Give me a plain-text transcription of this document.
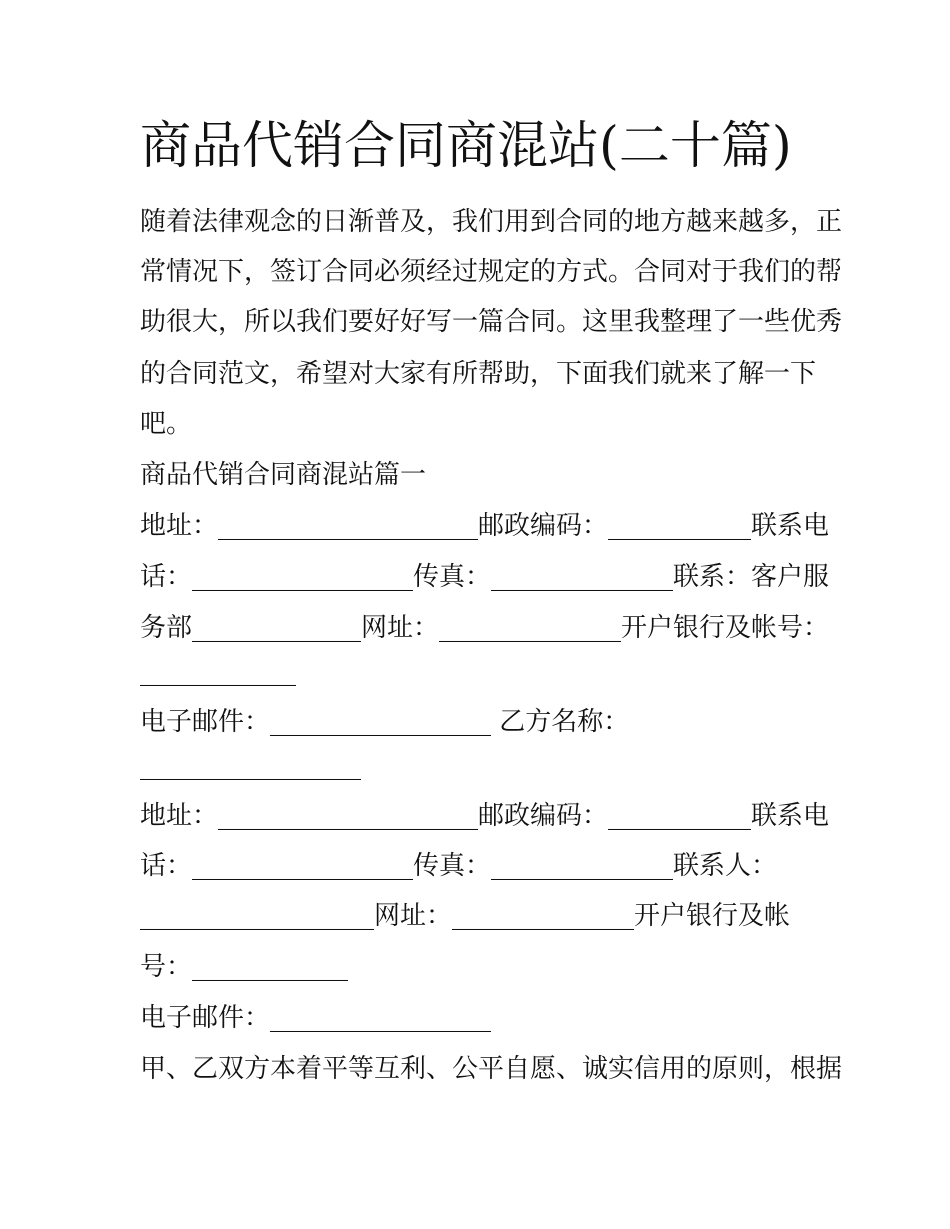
商品代销合同商混站(二十篇)

随着法律观念的日渐普及，我们用到合同的地方越来越多，正

常情况下，签订合同必须经过规定的方式。合同对于我们的帮

助很大，所以我们要好好写一篇合同。这里我整理了一些优秀

的合同范文，希望对大家有所帮助，下面我们就来了解一下

吧。

商品代销合同商混站篇一

地址：____________________邮政编码：___________联系电

话：_________________传真：______________联系：客户服

务部_____________网址：______________开户银行及帐号：

____________

电子邮件：_________________ 乙方名称：

_________________

地址：____________________邮政编码：___________联系电

话：_________________传真：______________联系人：

__________________网址：______________开户银行及帐

号：____________

电子邮件：_________________

甲、乙双方本着平等互利、公平自愿、诚实信用的原则，根据
